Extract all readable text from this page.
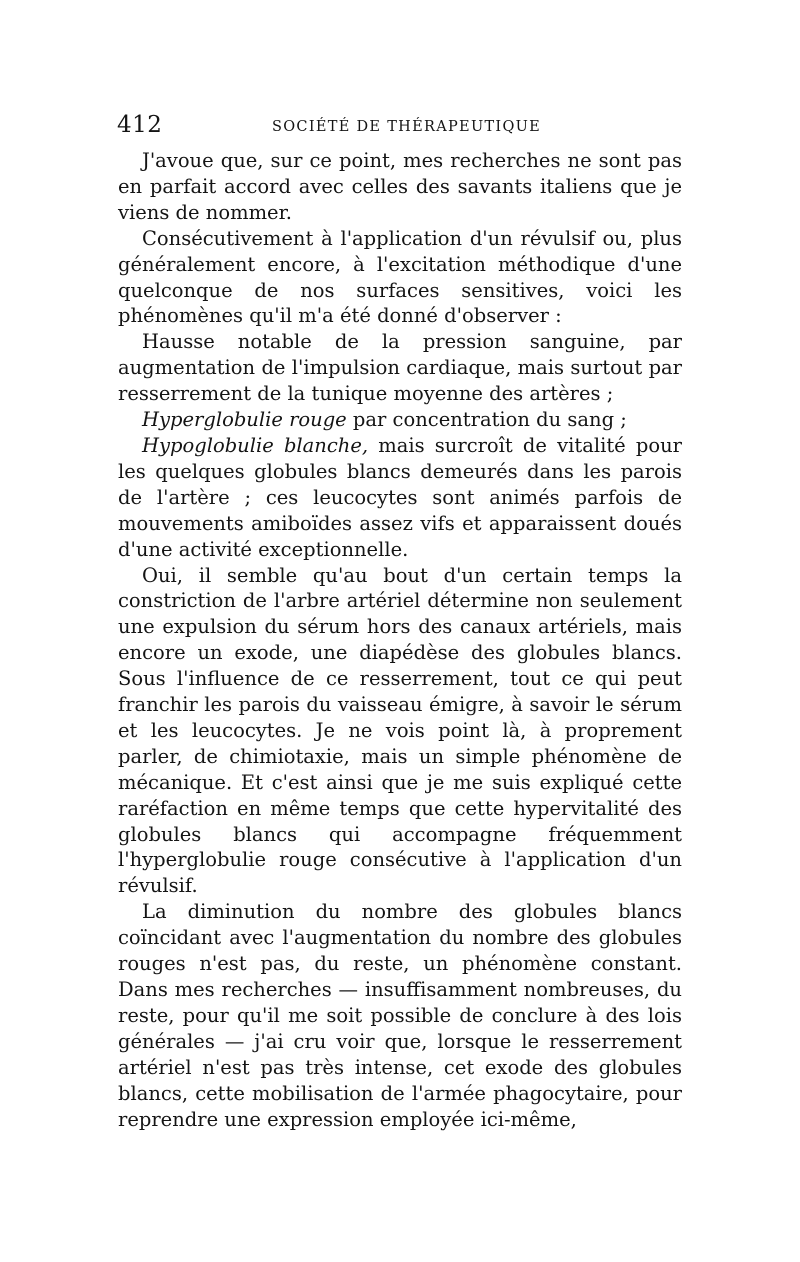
412	SOCIÉTÉ DE THÉRAPEUTIQUE

J'avoue que, sur ce point, mes recherches ne sont pas en parfait accord avec celles des savants italiens que je viens de nommer.

Consécutivement à l'application d'un révulsif ou, plus généralement encore, à l'excitation méthodique d'une quelconque de nos surfaces sensitives, voici les phénomènes qu'il m'a été donné d'observer :

Hausse notable de la pression sanguine, par augmentation de l'impulsion cardiaque, mais surtout par resserrement de la tunique moyenne des artères ;

Hyperglobulie rouge par concentration du sang ;

Hypoglobulie blanche, mais surcroît de vitalité pour les quelques globules blancs demeurés dans les parois de l'artère ; ces leucocytes sont animés parfois de mouvements amiboïdes assez vifs et apparaissent doués d'une activité exceptionnelle.

Oui, il semble qu'au bout d'un certain temps la constriction de l'arbre artériel détermine non seulement une expulsion du sérum hors des canaux artériels, mais encore un exode, une diapédèse des globules blancs. Sous l'influence de ce resserrement, tout ce qui peut franchir les parois du vaisseau émigre, à savoir le sérum et les leucocytes. Je ne vois point là, à proprement parler, de chimiotaxie, mais un simple phénomène de mécanique. Et c'est ainsi que je me suis expliqué cette raréfaction en même temps que cette hypervitalité des globules blancs qui accompagne fréquemment l'hyperglobulie rouge consécutive à l'application d'un révulsif.

La diminution du nombre des globules blancs coïncidant avec l'augmentation du nombre des globules rouges n'est pas, du reste, un phénomène constant. Dans mes recherches — insuffisamment nombreuses, du reste, pour qu'il me soit possible de conclure à des lois générales — j'ai cru voir que, lorsque le resserrement artériel n'est pas très intense, cet exode des globules blancs, cette mobilisation de l'armée phagocytaire, pour reprendre une expression employée ici-même,
